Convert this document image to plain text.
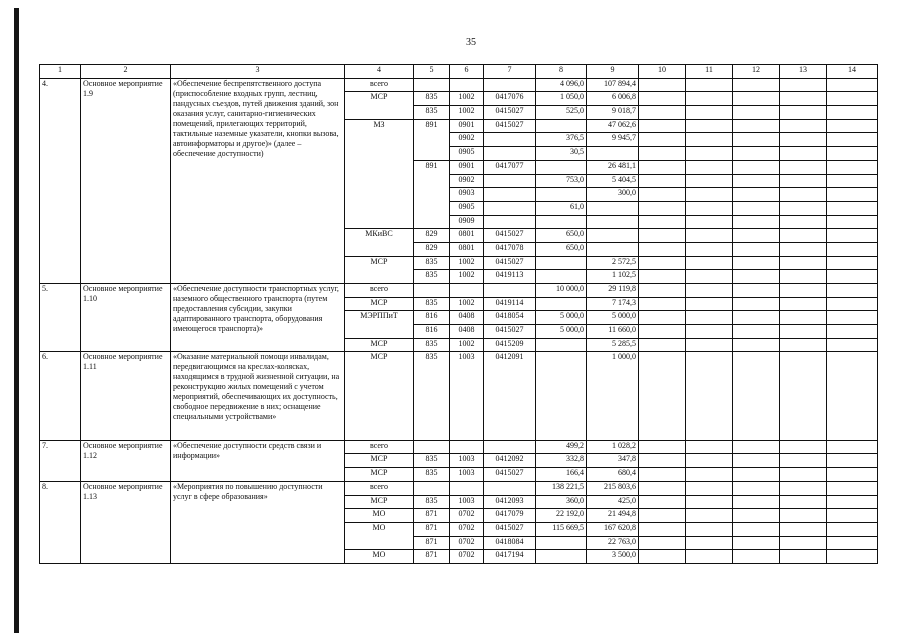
35
1	2	3	4	5	6	7	8	9	10	11	12	13	14
4.	Основное мероприятие 1.9	«Обеспечение беспрепятственного доступа (приспособление входных групп, лестниц, пандусных съездов, путей движения зданий, зон оказания услуг, санитарно-гигиенических помещений, прилегающих территорий, тактильные наземные указатели, кнопки вызова, автоинформаторы и другое)» (далее – обеспечение доступности)	всего				4 096,0	107 894,4					
			МСР	835	1002	0417076	1 050,0	6 006,8					
				835	1002	0415027	525,0	9 018,7					
			МЗ	891	0901	0415027		47 062,6					
					0902		376,5	9 945,7					
					0905		30,5						
				891	0901	0417077		26 481,1					
					0902		753,0	5 404,5					
					0903			300,0					
					0905		61,0						
					0909								
			МКиВС	829	0801	0415027	650,0						
				829	0801	0417078	650,0						
			МСР	835	1002	0415027		2 572,5					
				835	1002	0419113		1 102,5					
5.	Основное мероприятие 1.10	«Обеспечение доступности транспортных услуг, наземного общественного транспорта (путем предоставления субсидии, закупки адаптированного транспорта, оборудования имеющегося транспорта)»	всего				10 000,0	29 119,8					
			МСР	835	1002	0419114		7 174,3					
			МЭРППиТ	816	0408	0418054	5 000,0	5 000,0					
				816	0408	0415027	5 000,0	11 660,0					
			МСР	835	1002	0415209		5 285,5					
6.	Основное мероприятие 1.11	«Оказание материальной помощи инвалидам, передвигающимся на креслах-колясках, находящимся в трудной жизненной ситуации, на реконструкцию жилых помещений с учетом мероприятий, обеспечивающих их доступность, свободное передвижение в них; оснащение специальными устройствами»	МСР	835	1003	0412091		1 000,0					
7.	Основное мероприятие 1.12	«Обеспечение доступности средств связи и информации»	всего				499,2	1 028,2					
			МСР	835	1003	0412092	332,8	347,8					
			МСР	835	1003	0415027	166,4	680,4					
8.	Основное мероприятие 1.13	«Мероприятия по повышению доступности услуг в сфере образования»	всего				138 221,5	215 803,6					
			МСР	835	1003	0412093	360,0	425,0					
			МО	871	0702	0417079	22 192,0	21 494,8					
			МО	871	0702	0415027	115 669,5	167 620,8					
				871	0702	0418084		22 763,0					
			МО	871	0702	0417194		3 500,0					
